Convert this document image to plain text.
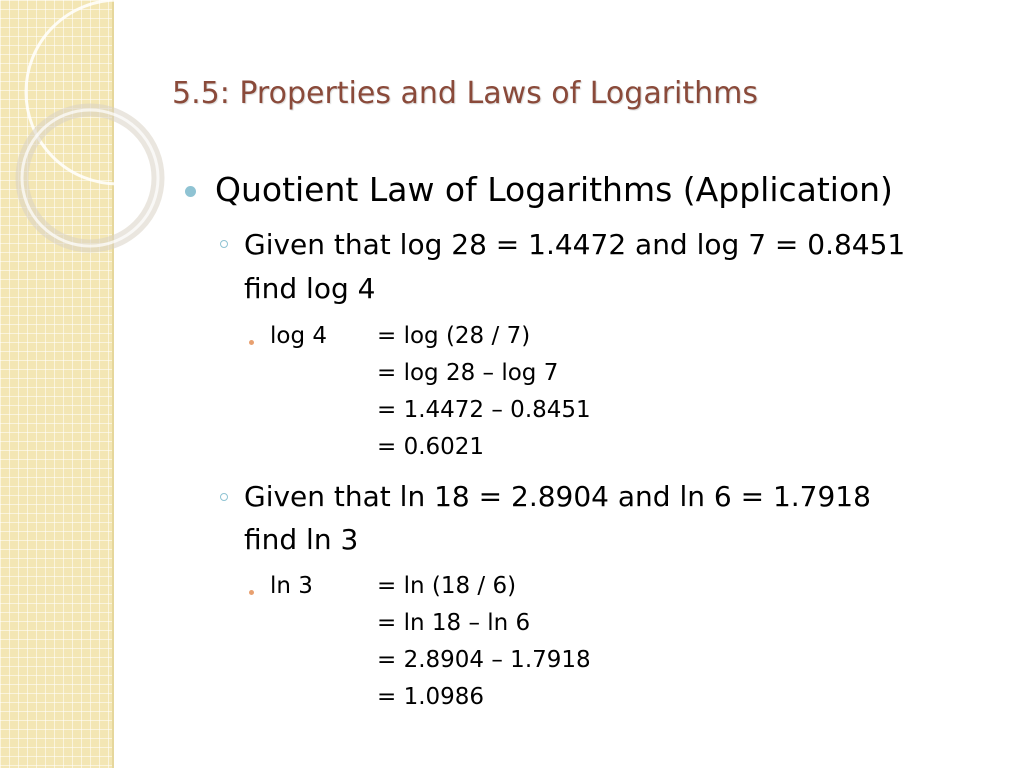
5.5: Properties and Laws of Logarithms
Quotient Law of Logarithms (Application)
Given that log 28 = 1.4472 and log 7 = 0.8451
find log 4
log 4 = log (28 / 7)
= log 28 – log 7
= 1.4472 – 0.8451
= 0.6021
Given that ln 18 = 2.8904 and ln 6 = 1.7918
find ln 3
ln 3	= ln (18 / 6)
= ln 18 – ln 6
= 2.8904 – 1.7918
= 1.0986
